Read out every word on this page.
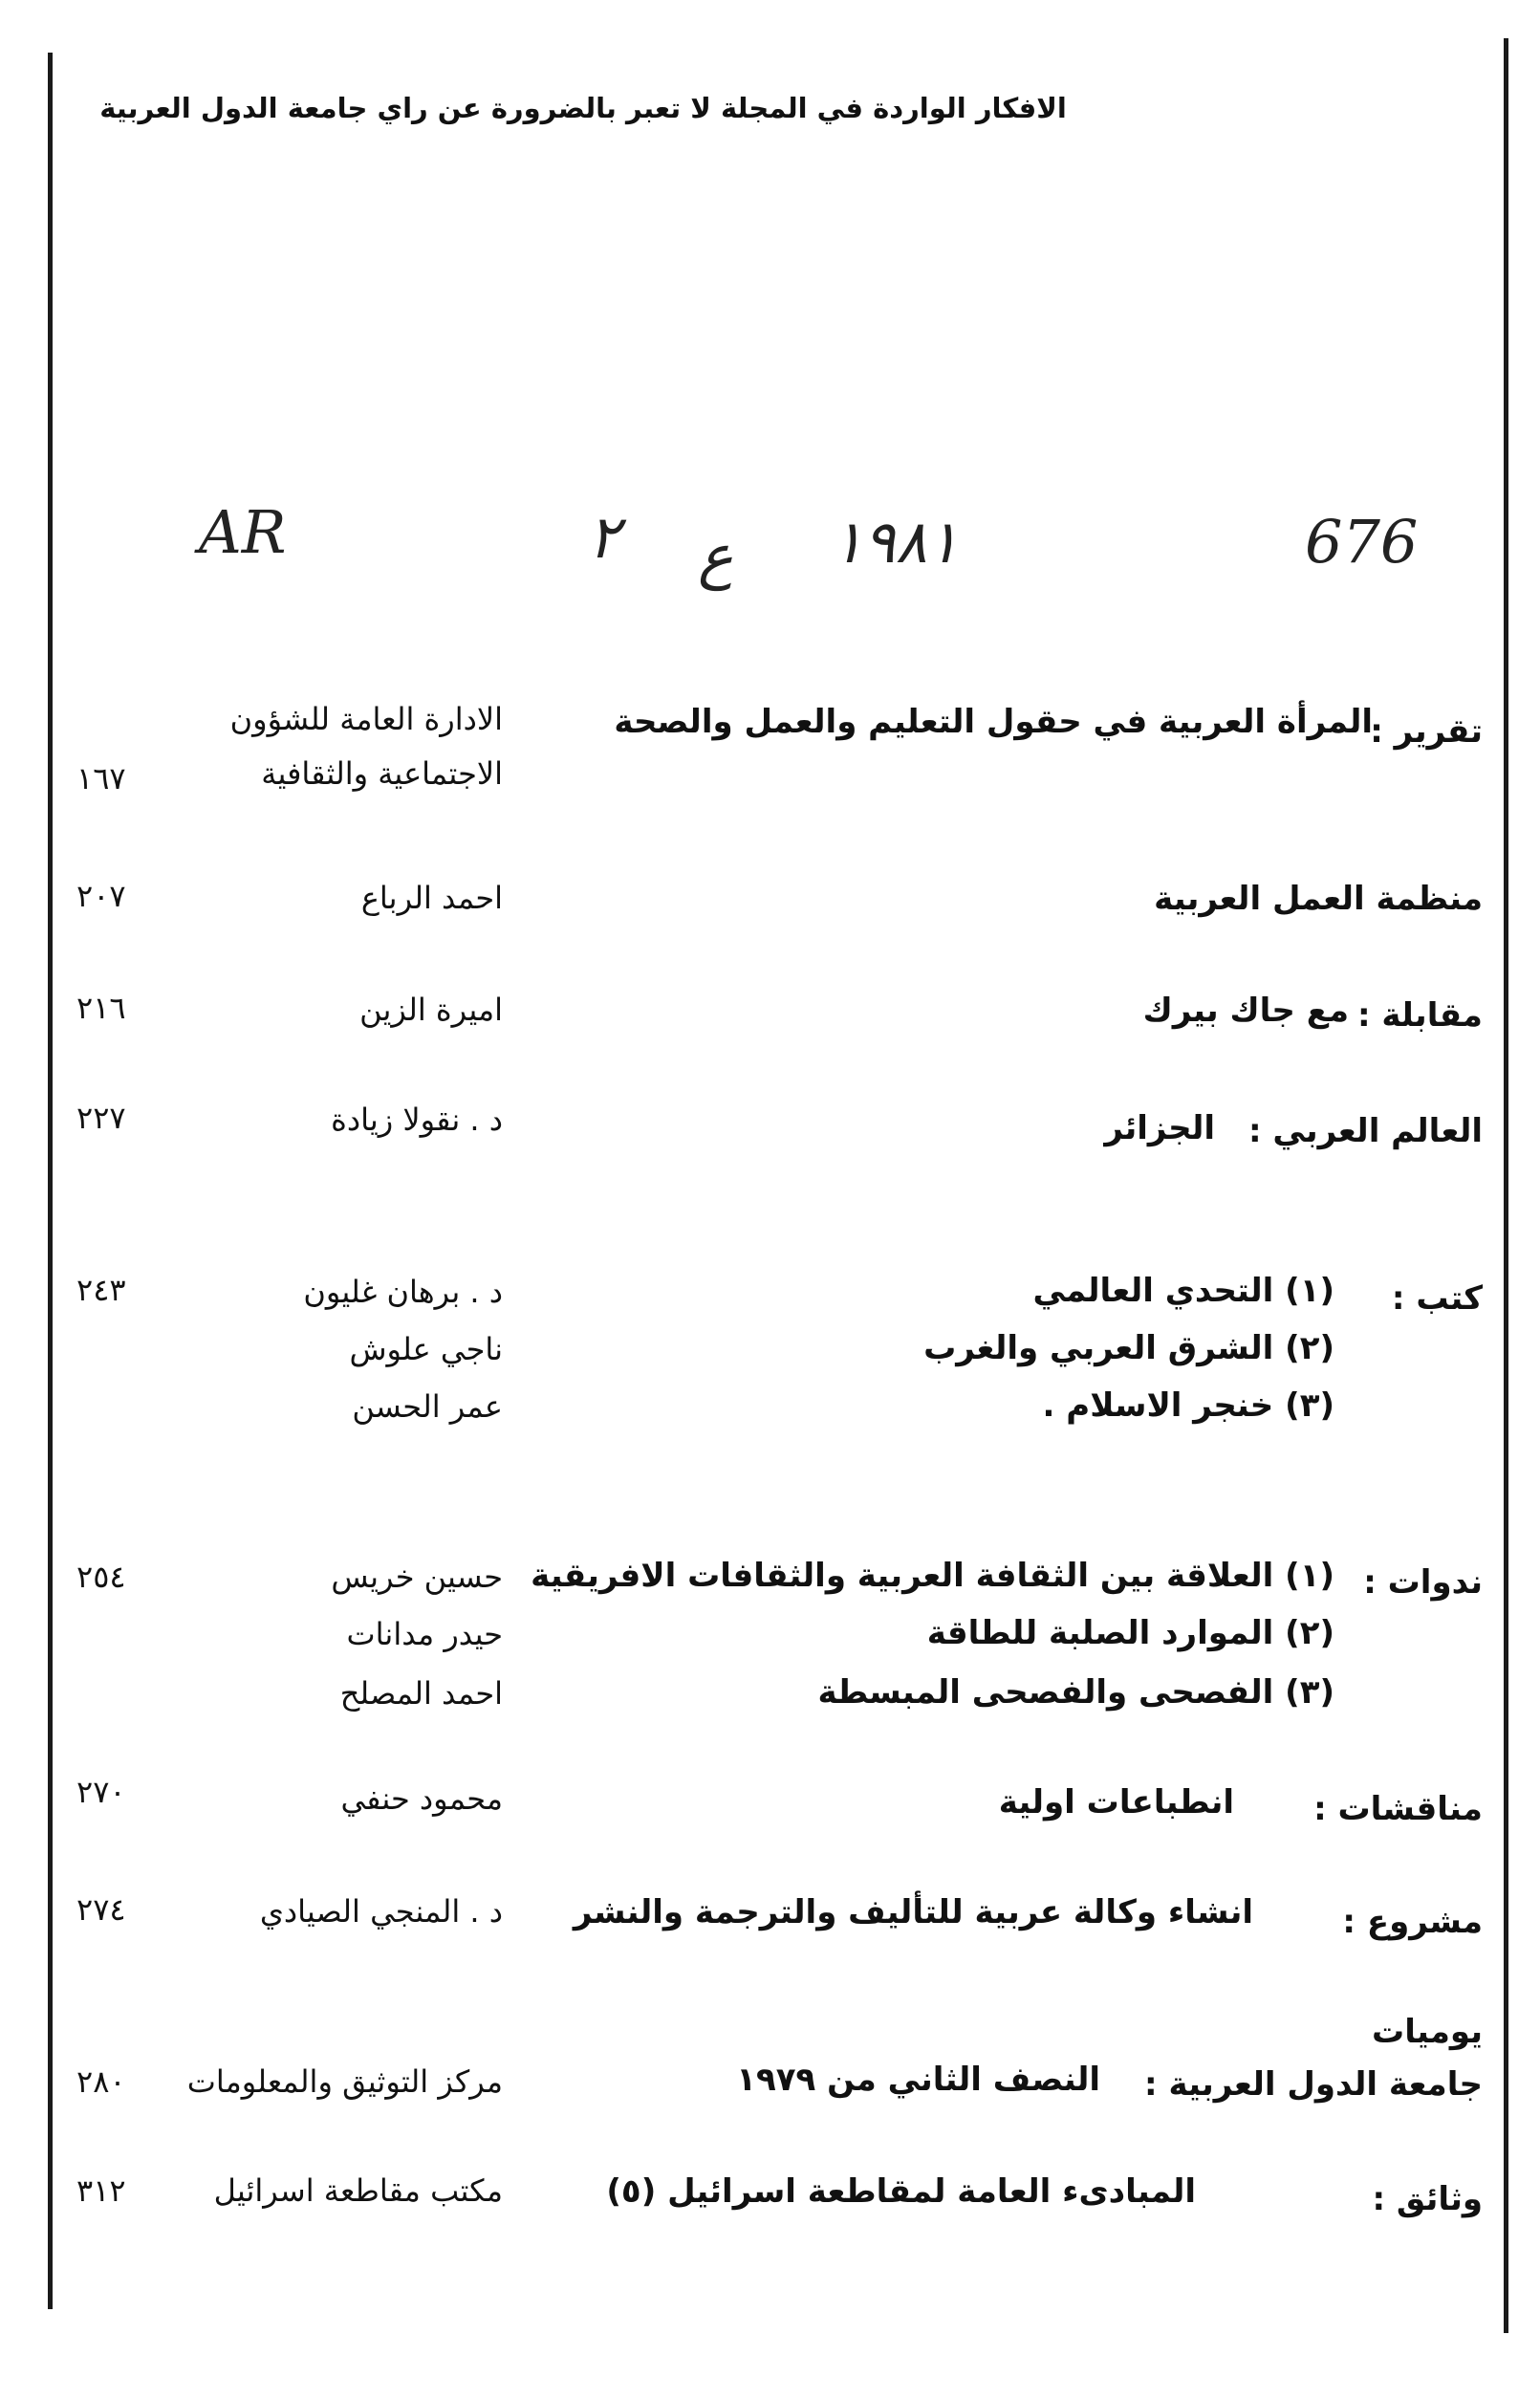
الافكار الواردة في المجلة لا تعبر بالضرورة عن راي جامعة الدول العربية
AR	٢ ع ١٩٨١	676
تقرير :
المرأة العربية في حقول التعليم والعمل والصحة
الادارة العامة للشؤون
الاجتماعية والثقافية
١٦٧
منظمة العمل العربية
احمد الرباع
٢٠٧
مقابلة :
مع جاك بيرك
اميرة الزين
٢١٦
العالم العربي :
الجزائر
د . نقولا زيادة
٢٢٧
كتب :
(١) التحدي العالمي
(٢) الشرق العربي والغرب
(٣) خنجر الاسلام .
د . برهان غليون
ناجي علوش
عمر الحسن
٢٤٣
ندوات :
(١) العلاقة بين الثقافة العربية والثقافات الافريقية
(٢) الموارد الصلبة للطاقة
(٣) الفصحى والفصحى المبسطة
حسين خريس
حيدر مدانات
احمد المصلح
٢٥٤
مناقشات :
انطباعات اولية
محمود حنفي
٢٧٠
مشروع :
انشاء وكالة عربية للتأليف والترجمة والنشر
د . المنجي الصيادي
٢٧٤
يوميات
جامعة الدول العربية :
النصف الثاني من ١٩٧٩
مركز التوثيق والمعلومات
٢٨٠
وثائق :
المبادىء العامة لمقاطعة اسرائيل (٥)
مكتب مقاطعة اسرائيل
٣١٢
